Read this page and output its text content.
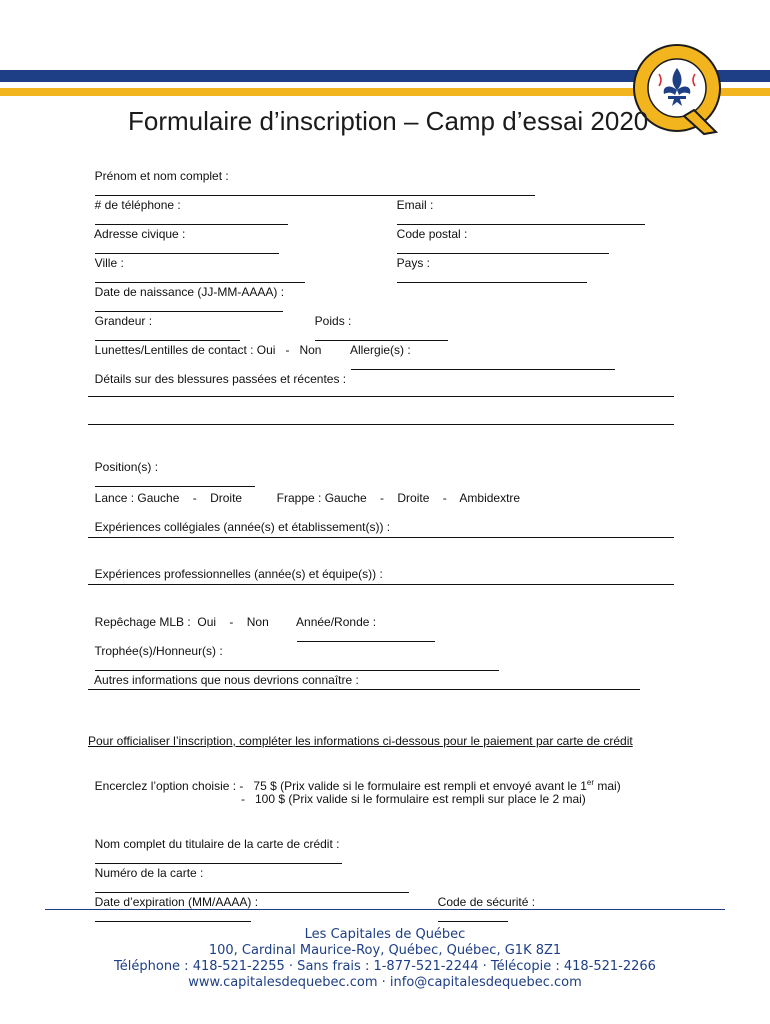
Formulaire d’inscription – Camp d’essai 2020

Prénom et nom complet :

# de téléphone :
	Email :

Adresse civique :
	Code postal :

Ville :
	Pays :

Date de naissance (JJ-MM-AAAA) :

Grandeur :
	Poids :

Lunettes/Lentilles de contact : Oui   -   Non	Allergie(s) :

Détails sur des blessures passées et récentes :

Position(s) :

Lance : Gauche    -    Droite	Frappe : Gauche    -    Droite    -    Ambidextre

Expériences collégiales (année(s) et établissement(s)) :

Expériences professionnelles (année(s) et équipe(s)) :

Repêchage MLB :  Oui    -    Non	Année/Ronde :

Trophée(s)/Honneur(s) :

Autres informations que nous devrions connaître :

Pour officialiser l’inscription, compléter les informations ci-dessous pour le paiement par carte de crédit

Encerclez l’option choisie : -   75 $ (Prix valide si le formulaire est rempli et envoyé avant le 1er mai)

-   100 $ (Prix valide si le formulaire est rempli sur place le 2 mai)

Nom complet du titulaire de la carte de crédit :

Numéro de la carte :

Date d’expiration (MM/AAAA) :
	Code de sécurité :

Les Capitales de Québec
100, Cardinal Maurice-Roy, Québec, Québec, G1K 8Z1
Téléphone : 418-521-2255 · Sans frais : 1-877-521-2244 · Télécopie : 418-521-2266
www.capitalesdequebec.com · info@capitalesdequebec.com
